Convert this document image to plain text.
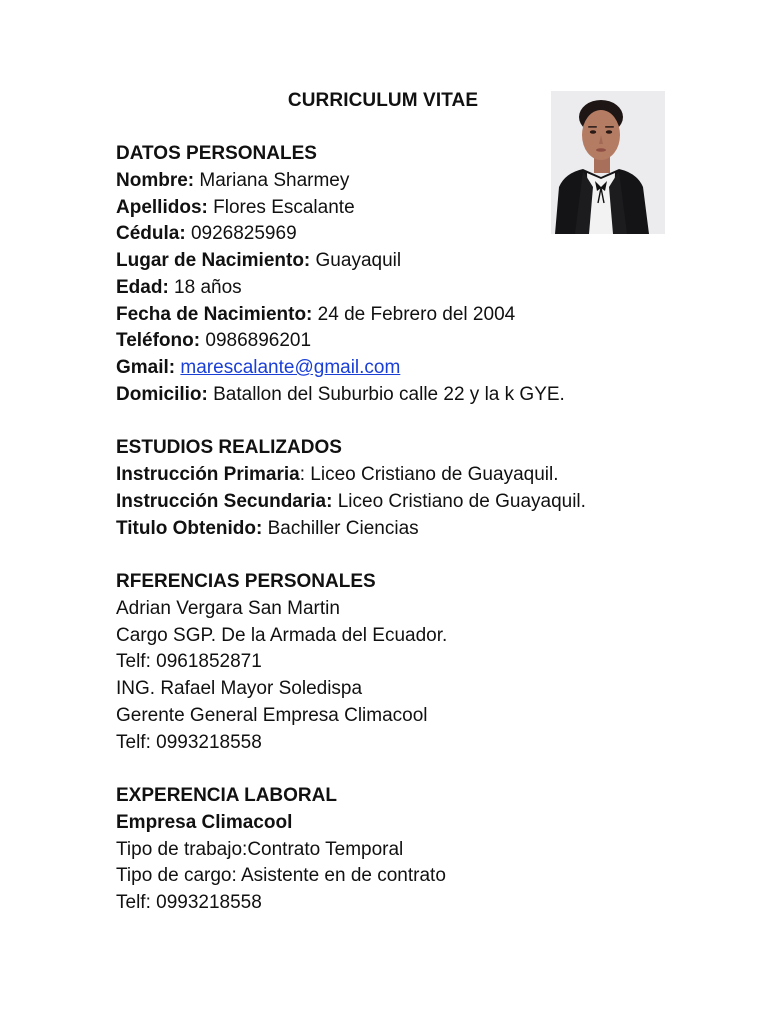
CURRICULUM VITAE
DATOS PERSONALES
Nombre: Mariana Sharmey
Apellidos: Flores Escalante
Cédula: 0926825969
Lugar de Nacimiento: Guayaquil
Edad: 18 años
Fecha de Nacimiento: 24 de Febrero del 2004
Teléfono: 0986896201
Gmail: marescalante@gmail.com
Domicilio: Batallon del Suburbio calle 22 y la k GYE.
ESTUDIOS REALIZADOS
Instrucción Primaria: Liceo Cristiano de Guayaquil.
Instrucción Secundaria: Liceo Cristiano de Guayaquil.
Titulo Obtenido: Bachiller Ciencias
RFERENCIAS PERSONALES
Adrian Vergara San Martin
Cargo SGP. De la Armada del Ecuador.
Telf: 0961852871
ING. Rafael Mayor Soledispa
Gerente General Empresa Climacool
Telf: 0993218558
EXPERENCIA LABORAL
Empresa Climacool
Tipo de trabajo:Contrato Temporal
Tipo de cargo: Asistente en de contrato
Telf: 0993218558
